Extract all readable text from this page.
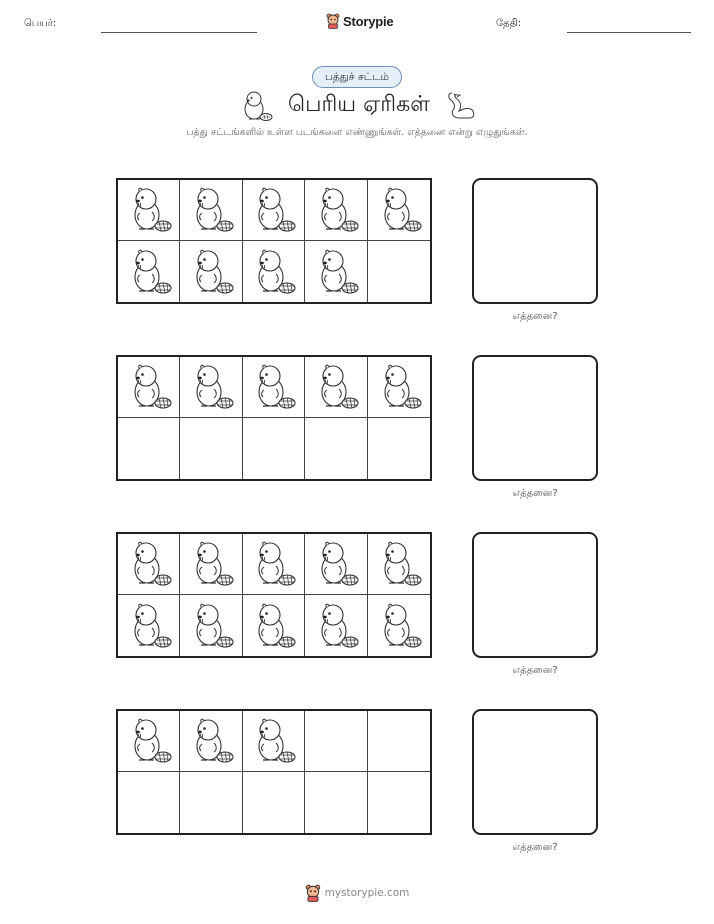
பெயர்:	Storypie	தேதி:
பத்துச் சட்டம்
பெரிய ஏரிகள்
பத்து சட்டங்களில் உள்ள படங்களை எண்ணுங்கள். எத்தனை என்று எழுதுங்கள்.
எத்தனை?
எத்தனை?
எத்தனை?
எத்தனை?
mystorypie.com
